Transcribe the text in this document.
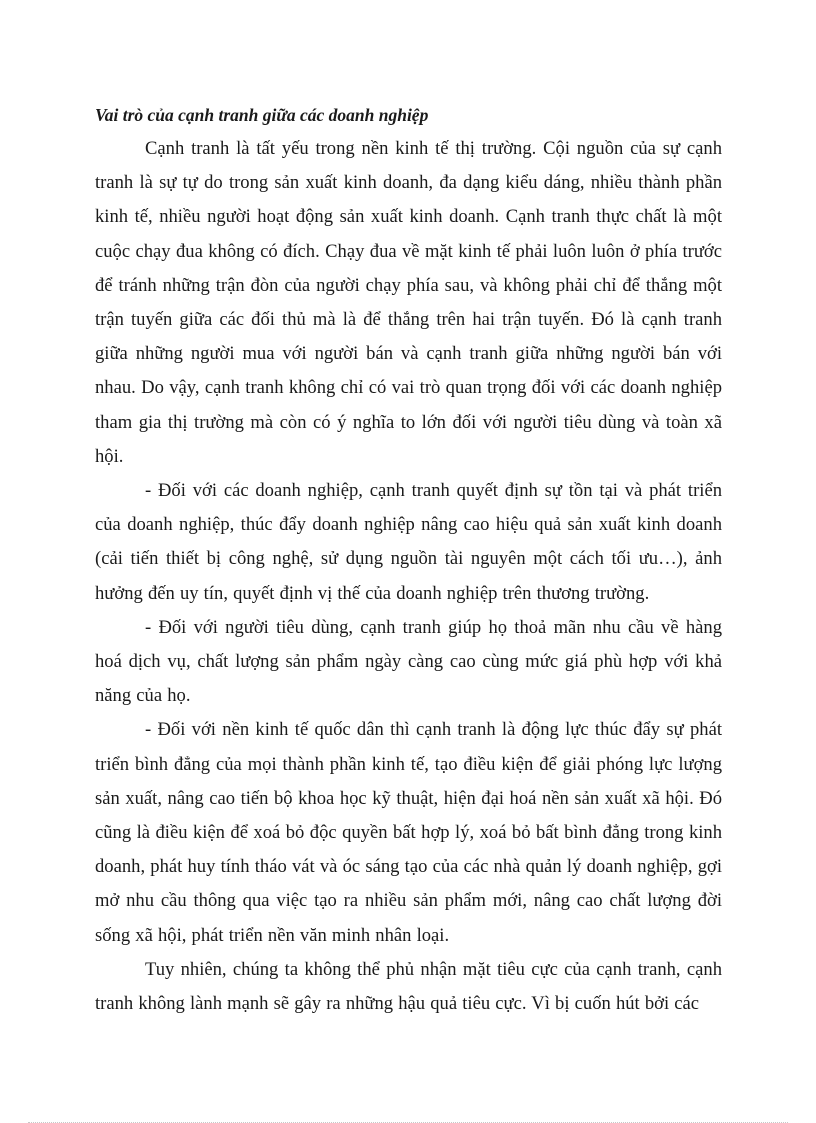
Vai trò của cạnh tranh giữa các doanh nghiệp

Cạnh tranh là tất yếu trong nền kinh tế thị trường. Cội nguồn của sự cạnh tranh là sự tự do trong sản xuất kinh doanh, đa dạng kiểu dáng, nhiều thành phần kinh tế, nhiều người hoạt động sản xuất kinh doanh. Cạnh tranh thực chất là một cuộc chạy đua không có đích. Chạy đua về mặt kinh tế phải luôn luôn ở phía trước để tránh những trận đòn của người chạy phía sau, và không phải chỉ để thắng một trận tuyến giữa các đối thủ mà là để thắng trên hai trận tuyến. Đó là cạnh tranh giữa những người mua với người bán và cạnh tranh giữa những người bán với nhau. Do vậy, cạnh tranh không chỉ có vai trò quan trọng đối với các doanh nghiệp tham gia thị trường mà còn có ý nghĩa to lớn đối với người tiêu dùng và toàn xã hội.

- Đối với các doanh nghiệp, cạnh tranh quyết định sự tồn tại và phát triển của doanh nghiệp, thúc đẩy doanh nghiệp nâng cao hiệu quả sản xuất kinh doanh (cải tiến thiết bị công nghệ, sử dụng nguồn tài nguyên một cách tối ưu…), ảnh hưởng đến uy tín, quyết định vị thế của doanh nghiệp trên thương trường.

- Đối với người tiêu dùng, cạnh tranh giúp họ thoả mãn nhu cầu về hàng hoá dịch vụ, chất lượng sản phẩm ngày càng cao cùng mức giá phù hợp với khả năng của họ.

- Đối với nền kinh tế quốc dân thì cạnh tranh là động lực thúc đẩy sự phát triển bình đẳng của mọi thành phần kinh tế, tạo điều kiện để giải phóng lực lượng sản xuất, nâng cao tiến bộ khoa học kỹ thuật, hiện đại hoá nền sản xuất xã hội. Đó cũng là điều kiện để xoá bỏ độc quyền bất hợp lý, xoá bỏ bất bình đẳng trong kinh doanh, phát huy tính tháo vát và óc sáng tạo của các nhà quản lý doanh nghiệp, gợi mở nhu cầu thông qua việc tạo ra nhiều sản phẩm mới, nâng cao chất lượng đời sống xã hội, phát triển nền văn minh nhân loại.

Tuy nhiên, chúng ta không thể phủ nhận mặt tiêu cực của cạnh tranh, cạnh tranh không lành mạnh sẽ gây ra những hậu quả tiêu cực. Vì bị cuốn hút bởi các
